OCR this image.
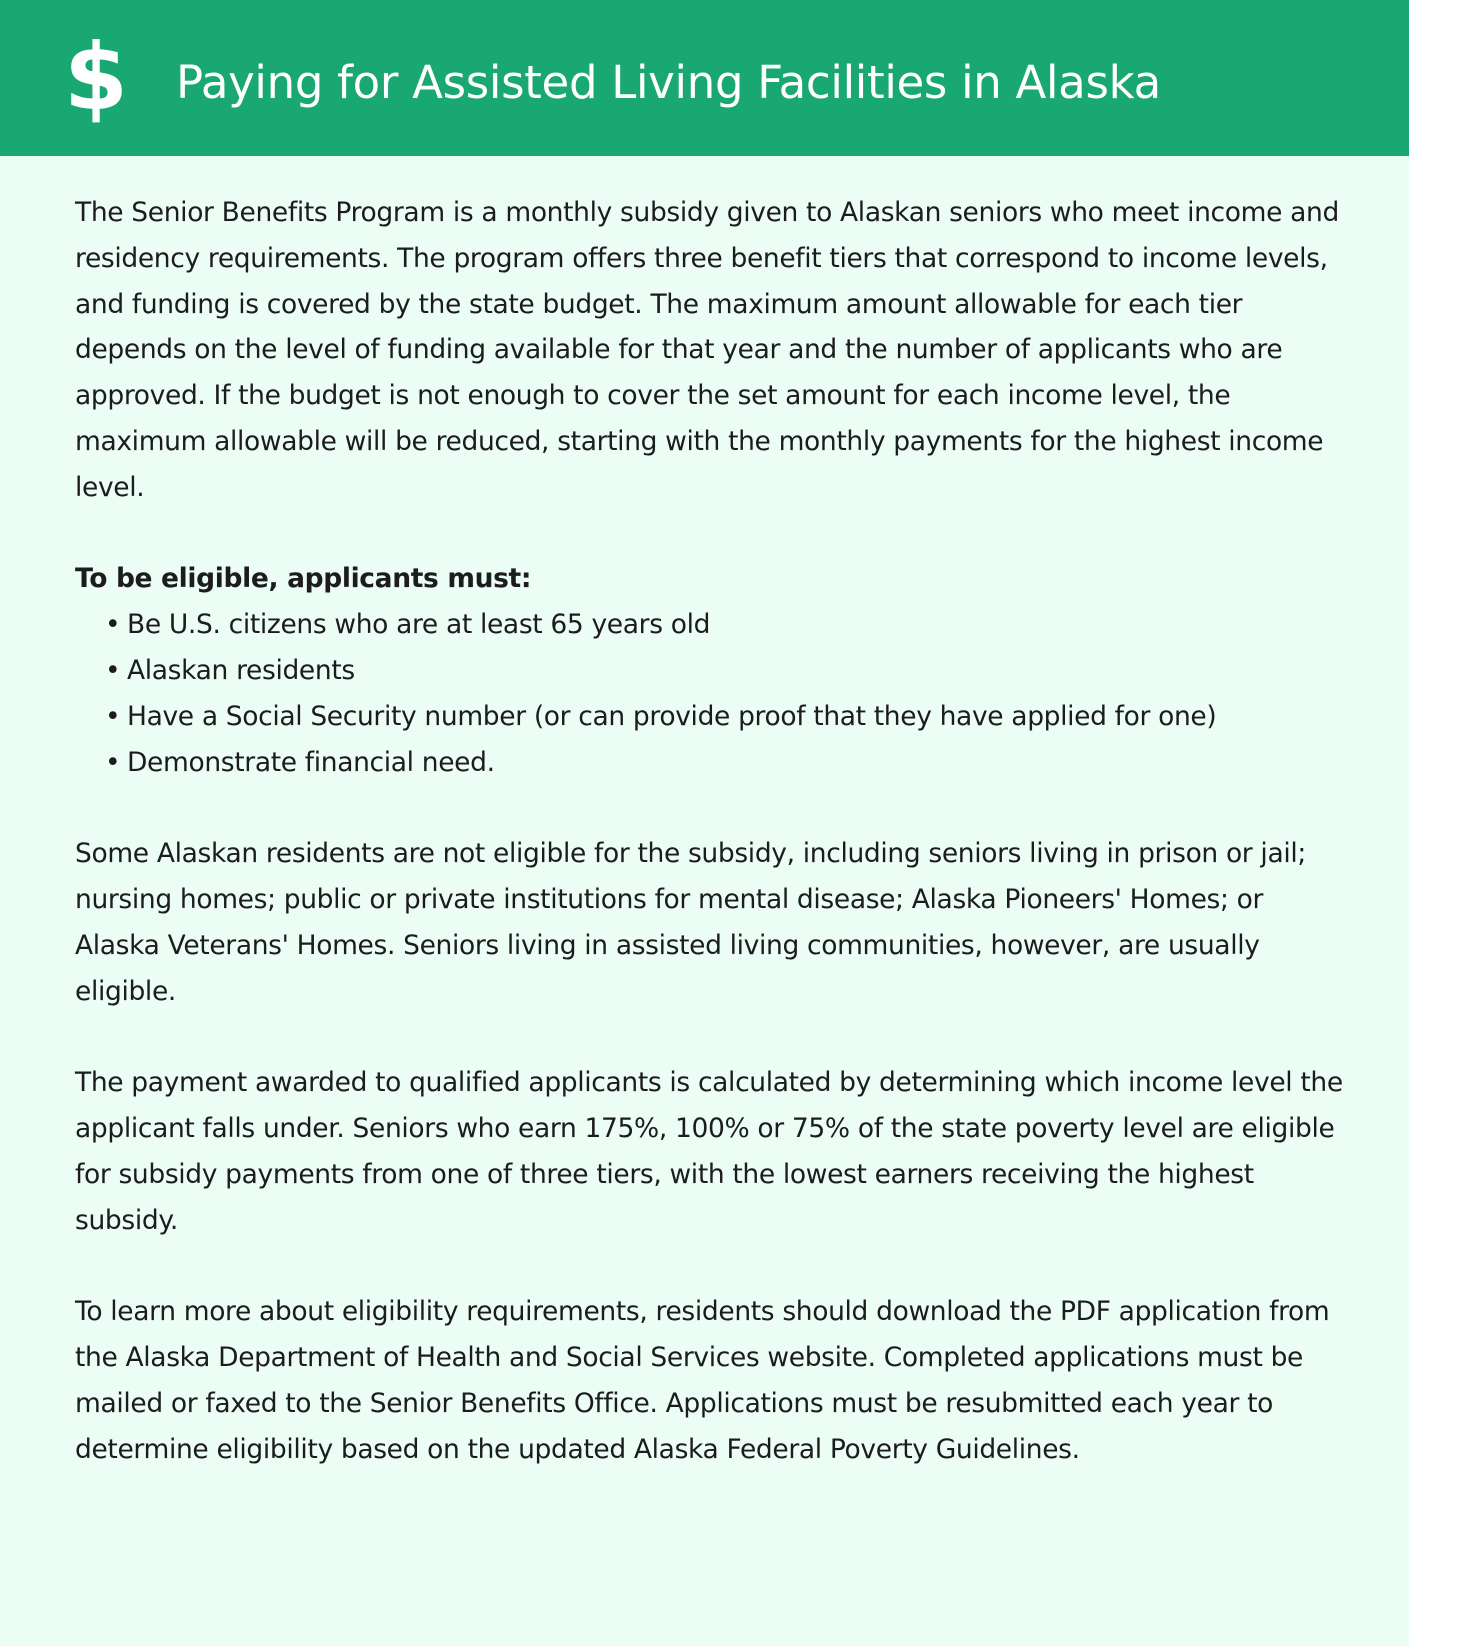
$ Paying for Assisted Living Facilities in Alaska

The Senior Benefits Program is a monthly subsidy given to Alaskan seniors who meet income and residency requirements. The program offers three benefit tiers that correspond to income levels, and funding is covered by the state budget. The maximum amount allowable for each tier depends on the level of funding available for that year and the number of applicants who are approved. If the budget is not enough to cover the set amount for each income level, the maximum allowable will be reduced, starting with the monthly payments for the highest income level.

To be eligible, applicants must:
• Be U.S. citizens who are at least 65 years old
• Alaskan residents
• Have a Social Security number (or can provide proof that they have applied for one)
• Demonstrate financial need.

Some Alaskan residents are not eligible for the subsidy, including seniors living in prison or jail; nursing homes; public or private institutions for mental disease; Alaska Pioneers' Homes; or Alaska Veterans' Homes. Seniors living in assisted living communities, however, are usually eligible.

The payment awarded to qualified applicants is calculated by determining which income level the applicant falls under. Seniors who earn 175%, 100% or 75% of the state poverty level are eligible for subsidy payments from one of three tiers, with the lowest earners receiving the highest subsidy.

To learn more about eligibility requirements, residents should download the PDF application from the Alaska Department of Health and Social Services website. Completed applications must be mailed or faxed to the Senior Benefits Office. Applications must be resubmitted each year to determine eligibility based on the updated Alaska Federal Poverty Guidelines.
